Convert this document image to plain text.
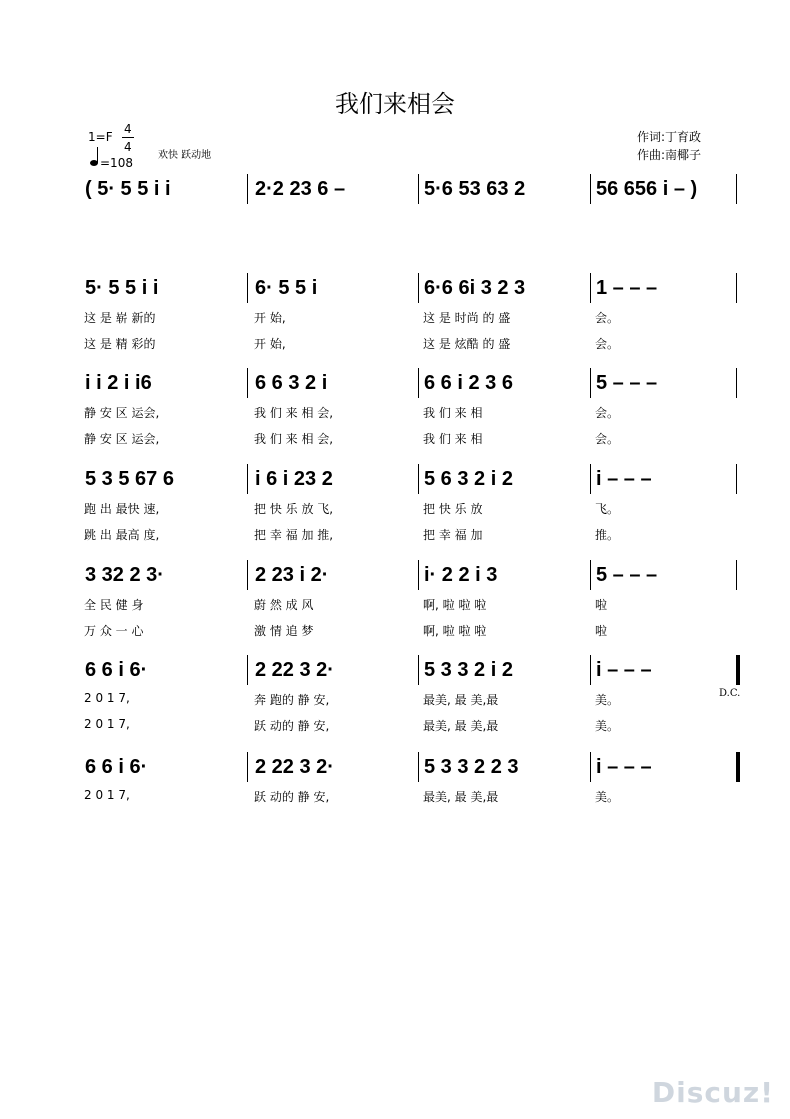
我们来相会
1=F
4
4
=108
欢快 跃动地
作词:丁育政
作曲:南椰子
( 5· 5 5 i i	2·2 23 6 –	5·6 53 63 2	56 656 i – )
5· 5 5 i i	6· 5 5 i	6·6 6i 3 2 3	1 – – –
这 是 崭 新的	开 始,	这 是 时尚 的 盛	会。
这 是 精 彩的	开 始,	这 是 炫酷 的 盛	会。
i i 2 i i6	6 6 3 2 i	6 6 i 2 3 6	5 – – –
静 安 区 运会,	我 们 来 相 会,	我 们 来 相	会。
静 安 区 运会,	我 们 来 相 会,	我 们 来 相	会。
5 3 5 67 6	i 6 i 23 2	5 6 3 2 i 2	i – – –
跑 出 最快 速,	把 快 乐 放 飞,	把 快 乐 放	飞。
跳 出 最高 度,	把 幸 福 加 推,	把 幸 福 加	推。
3 32 2 3·	2 23 i 2·	i· 2 2 i 3	5 – – –
全 民 健 身	蔚 然 成 风	啊, 啦 啦 啦	啦
万 众 一 心	激 情 追 梦	啊, 啦 啦 啦	啦
6 6 i 6·	2 22 3 2·	5 3 3 2 i 2	i – – –
2 0 1 7,	奔 跑的 静 安,	最美, 最 美,最	美。
2 0 1 7,	跃 动的 静 安,	最美, 最 美,最	美。
6 6 i 6·	2 22 3 2·	5 3 3 2 2 3	i – – –
2 0 1 7,	跃 动的 静 安,	最美, 最 美,最	美。
D.C.
Discuz!
